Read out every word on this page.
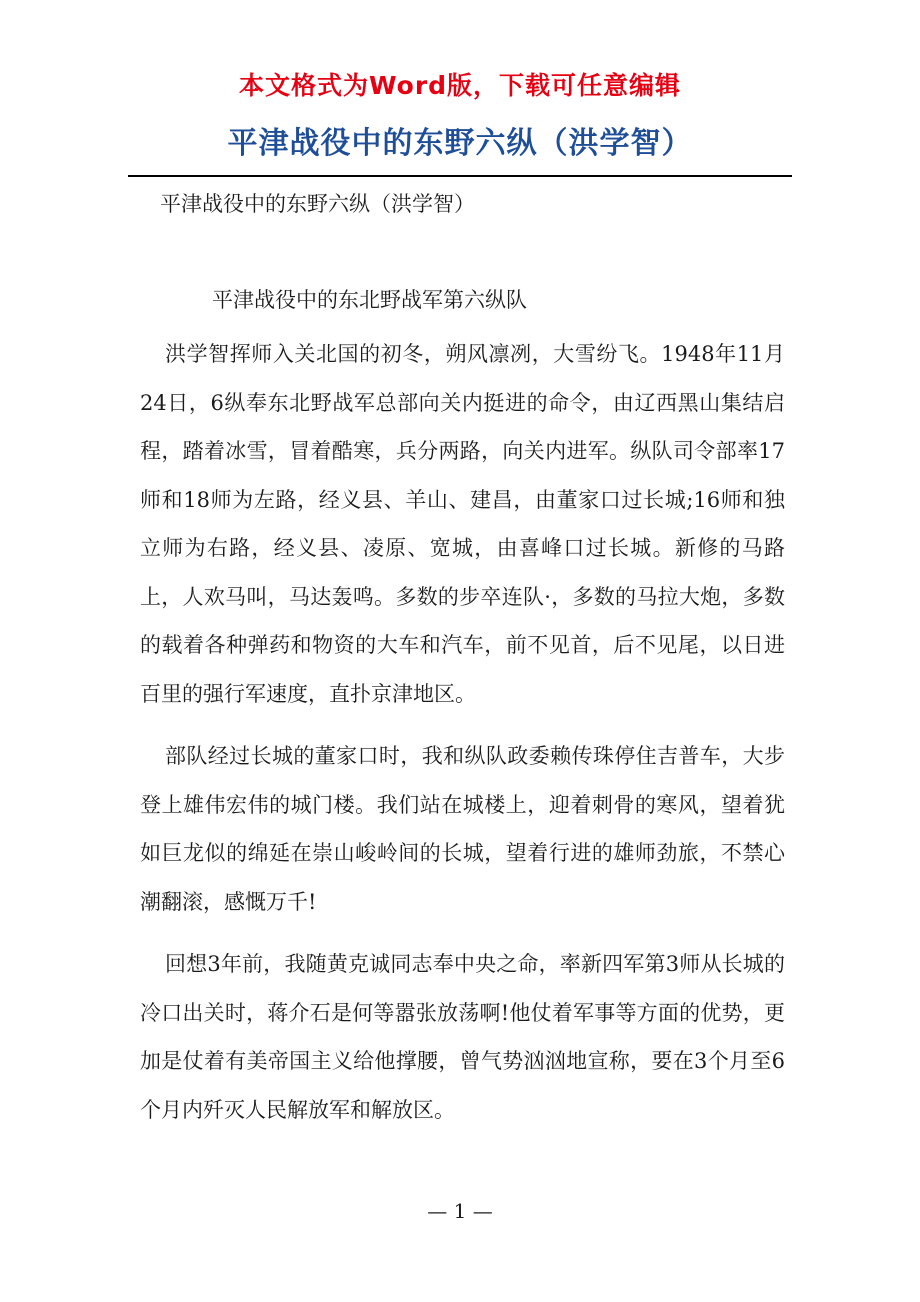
本文格式为Word版，下载可任意编辑
平津战役中的东野六纵（洪学智）
平津战役中的东野六纵（洪学智）
平津战役中的东北野战军第六纵队

洪学智挥师入关北国的初冬，朔风凛冽，大雪纷飞。1948年11月24日，6纵奉东北野战军总部向关内挺进的命令，由辽西黑山集结启程，踏着冰雪，冒着酷寒，兵分两路，向关内进军。纵队司令部率17师和18师为左路，经义县、羊山、建昌，由董家口过长城;16师和独立师为右路，经义县、凌原、宽城，由喜峰口过长城。新修的马路上，人欢马叫，马达轰鸣。多数的步卒连队·，多数的马拉大炮，多数的载着各种弹药和物资的大车和汽车，前不见首，后不见尾，以日进百里的强行军速度，直扑京津地区。

部队经过长城的董家口时，我和纵队政委赖传珠停住吉普车，大步登上雄伟宏伟的城门楼。我们站在城楼上，迎着刺骨的寒风，望着犹如巨龙似的绵延在崇山峻岭间的长城，望着行进的雄师劲旅，不禁心潮翻滚，感慨万千!

回想3年前，我随黄克诚同志奉中央之命，率新四军第3师从长城的冷口出关时，蒋介石是何等嚣张放荡啊!他仗着军事等方面的优势，更加是仗着有美帝国主义给他撑腰，曾气势汹汹地宣称，要在3个月至6个月内歼灭人民解放军和解放区。

— 1 —
